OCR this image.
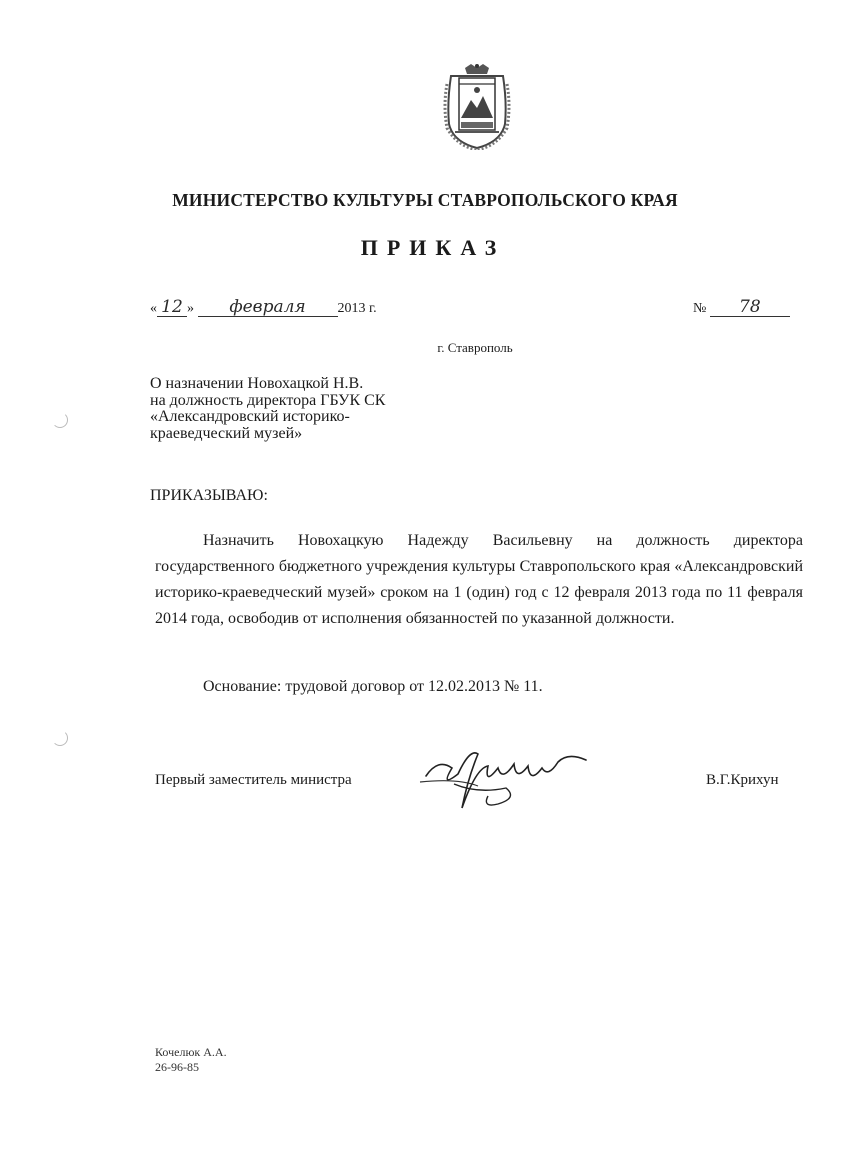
МИНИСТЕРСТВО КУЛЬТУРЫ СТАВРОПОЛЬСКОГО КРАЯ
ПРИКАЗ
« 12 » февраля 2013 г.	№ 78
г. Ставрополь
О назначении Новохацкой Н.В.
на должность директора ГБУК СК
«Александровский историко-
краеведческий музей»
ПРИКАЗЫВАЮ:

Назначить Новохацкую Надежду Васильевну на должность директора государственного бюджетного учреждения культуры Ставропольского края «Александровский историко-краеведческий музей» сроком на 1 (один) год с 12 февраля 2013 года по 11 февраля 2014 года, освободив от исполнения обязанностей по указанной должности.

Основание: трудовой договор от 12.02.2013 № 11.
Первый заместитель министра	В.Г.Крихун
Кочелюк А.А.
26-96-85
